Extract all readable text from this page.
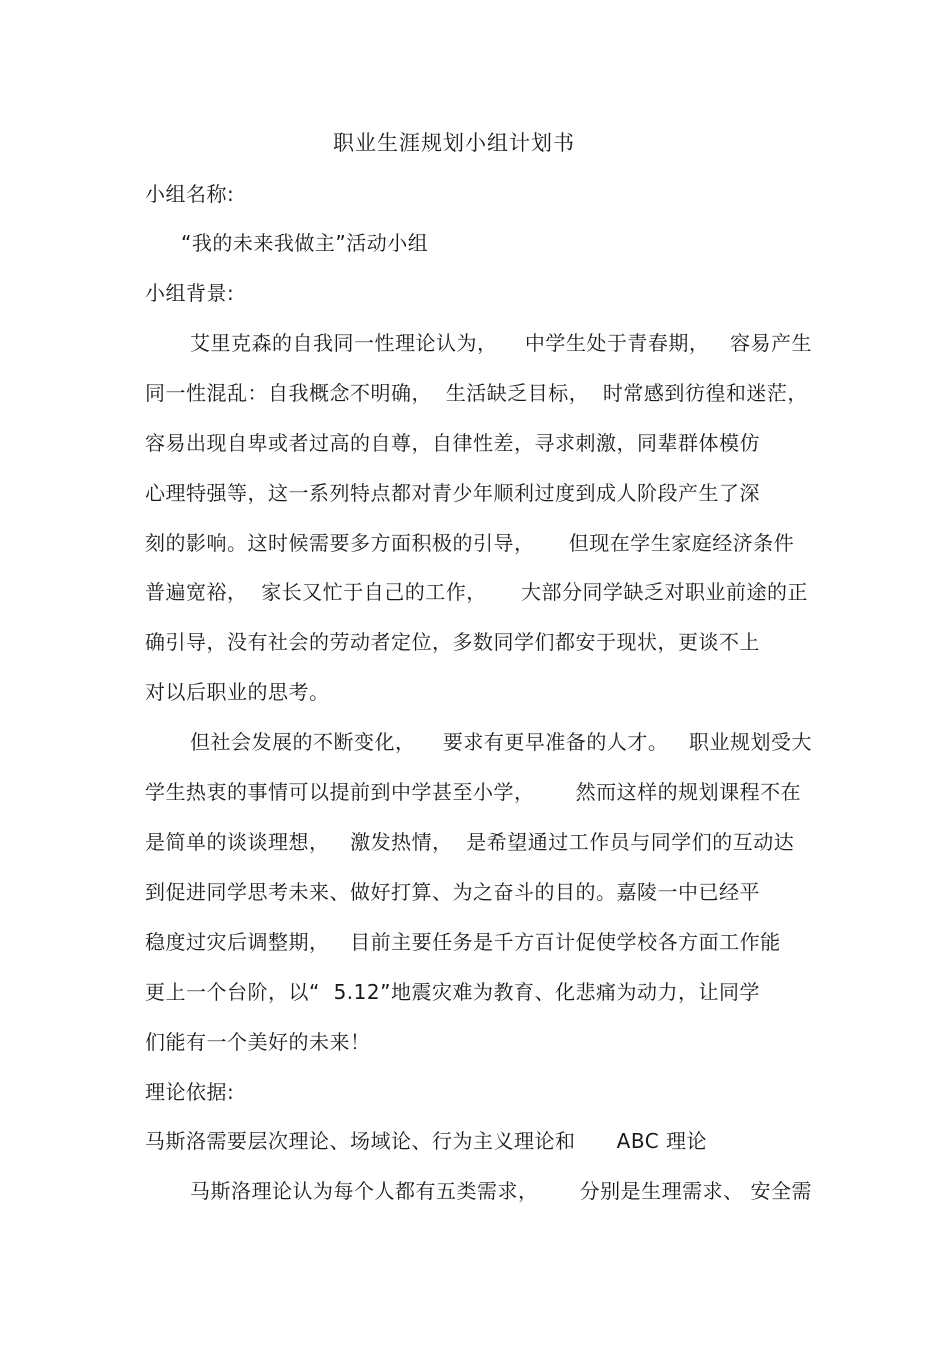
职业生涯规划小组计划书
小组名称:
“我的未来我做主”活动小组
小组背景:
艾里克森的自我同一性理论认为，    中学生处于青春期，   容易产生
同一性混乱：自我概念不明确，  生活缺乏目标，  时常感到彷徨和迷茫，
容易出现自卑或者过高的自尊，自律性差，寻求刺激，同辈群体模仿
心理特强等，这一系列特点都对青少年顺利过度到成人阶段产生了深
刻的影响。这时候需要多方面积极的引导，     但现在学生家庭经济条件
普遍宽裕，  家长又忙于自己的工作，     大部分同学缺乏对职业前途的正
确引导，没有社会的劳动者定位，多数同学们都安于现状，更谈不上
对以后职业的思考。
但社会发展的不断变化，    要求有更早准备的人才。   职业规划受大
学生热衷的事情可以提前到中学甚至小学，      然而这样的规划课程不在
是简单的谈谈理想，   激发热情，  是希望通过工作员与同学们的互动达
到促进同学思考未来、做好打算、为之奋斗的目的。嘉陵一中已经平
稳度过灾后调整期，   目前主要任务是千方百计促使学校各方面工作能
更上一个台阶，以“  5.12”地震灾难为教育、化悲痛为动力，让同学
们能有一个美好的未来！
理论依据:
马斯洛需要层次理论、场域论、行为主义理论和      ABC 理论
马斯洛理论认为每个人都有五类需求，      分别是生理需求、 安全需
